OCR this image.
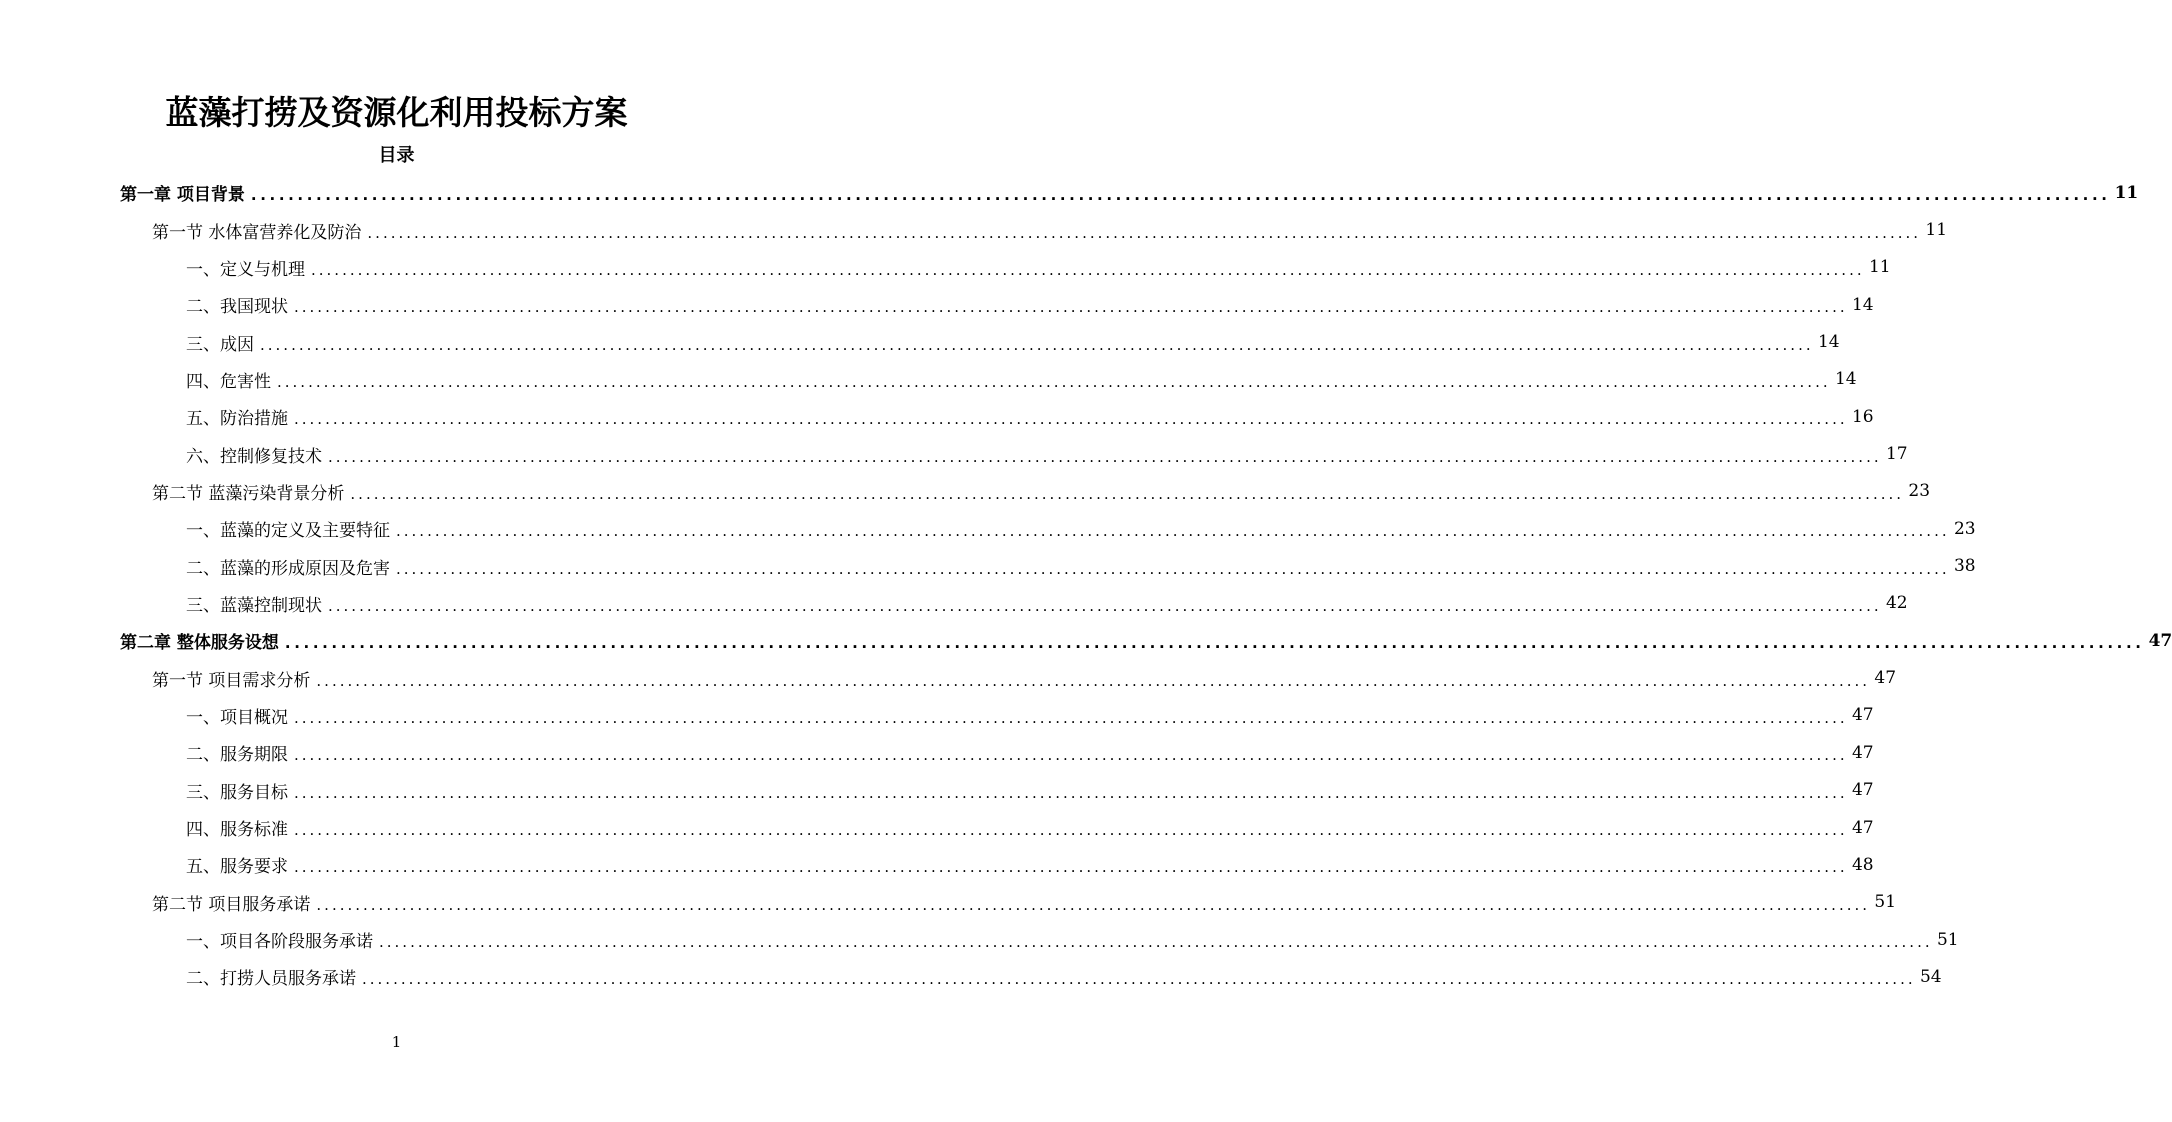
蓝藻打捞及资源化利用投标方案
目录
第一章 项目背景 ........................................................................................................................................................................................................ 11
第一节 水体富营养化及防治 ........................................................................................................................................................................................................ 11
一、定义与机理 ........................................................................................................................................................................................................ 11
二、我国现状 ........................................................................................................................................................................................................ 14
三、成因 ........................................................................................................................................................................................................ 14
四、危害性 ........................................................................................................................................................................................................ 14
五、防治措施 ........................................................................................................................................................................................................ 16
六、控制修复技术 ........................................................................................................................................................................................................ 17
第二节 蓝藻污染背景分析 ........................................................................................................................................................................................................ 23
一、蓝藻的定义及主要特征 ........................................................................................................................................................................................................ 23
二、蓝藻的形成原因及危害 ........................................................................................................................................................................................................ 38
三、蓝藻控制现状 ........................................................................................................................................................................................................ 42
第二章 整体服务设想 ........................................................................................................................................................................................................ 47
第一节 项目需求分析 ........................................................................................................................................................................................................ 47
一、项目概况 ........................................................................................................................................................................................................ 47
二、服务期限 ........................................................................................................................................................................................................ 47
三、服务目标 ........................................................................................................................................................................................................ 47
四、服务标准 ........................................................................................................................................................................................................ 47
五、服务要求 ........................................................................................................................................................................................................ 48
第二节 项目服务承诺 ........................................................................................................................................................................................................ 51
一、项目各阶段服务承诺 ........................................................................................................................................................................................................ 51
二、打捞人员服务承诺 ........................................................................................................................................................................................................ 54
1
